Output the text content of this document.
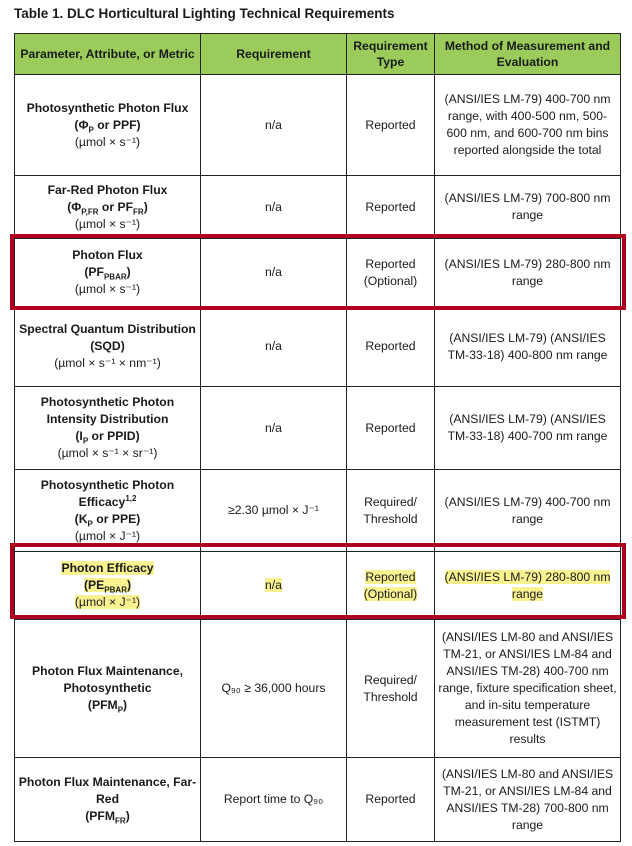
Table 1. DLC Horticultural Lighting Technical Requirements
Parameter, Attribute, or Metric	Requirement	Requirement Type	Method of Measurement and Evaluation

Photosynthetic Photon Flux
($\Phi_P$ or PPF)
(µmol × s⁻¹)	n/a	Reported	(ANSI/IES LM-79) 400-700 nm range, with 400-500 nm, 500-600 nm, and 600-700 nm bins reported alongside the total

Far-Red Photon Flux
($\Phi_{P,FR}$ or $PF_{FR}$)
(µmol × s⁻¹)	n/a	Reported	(ANSI/IES LM-79) 700-800 nm range

Photon Flux
$(PF_{PBAR})$
(µmol × s⁻¹)	n/a	Reported (Optional)	(ANSI/IES LM-79) 280-800 nm range

Spectral Quantum Distribution
(SQD)
(µmol × s⁻¹ × nm⁻¹)	n/a	Reported	(ANSI/IES LM-79) (ANSI/IES TM-33-18) 400-800 nm range

Photosynthetic Photon Intensity Distribution
($I_P$ or PPID)
(µmol × s⁻¹ × sr⁻¹)	n/a	Reported	(ANSI/IES LM-79) (ANSI/IES TM-33-18) 400-700 nm range

Photosynthetic Photon Efficacy$^{1,2}$
($K_P$ or PPE)
(µmol × J⁻¹)	≥2.30 µmol × J⁻¹	Required/ Threshold	(ANSI/IES LM-79) 400-700 nm range

Photon Efficacy
$(PE_{PBAR})$
(µmol × J⁻¹)	n/a	Reported (Optional)	(ANSI/IES LM-79) 280-800 nm range

Photon Flux Maintenance, Photosynthetic
$(PFM_P)$	Q₉₀ ≥ 36,000 hours	Required/ Threshold	(ANSI/IES LM-80 and ANSI/IES TM-21, or ANSI/IES LM-84 and ANSI/IES TM-28) 400-700 nm range, fixture specification sheet, and in-situ temperature measurement test (ISTMT) results

Photon Flux Maintenance, Far-Red
$(PFM_{FR})$	Report time to Q₉₀	Reported	(ANSI/IES LM-80 and ANSI/IES TM-21, or ANSI/IES LM-84 and ANSI/IES TM-28) 700-800 nm range
